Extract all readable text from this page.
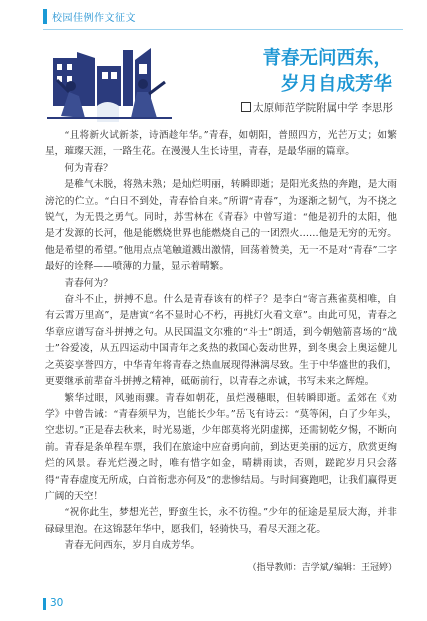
校园佳例作文征文
青春无问西东，
岁月自成芳华
太原师范学院附属中学 李思彤

“且将新火试新茶，诗酒趁年华。”青春，如朝阳，普照四方，光芒万丈；如繁星，璀璨天涯，一路生花。在漫漫人生长诗里，青春，是最华丽的篇章。

何为青春？

是稚气未脱，将熟未熟；是灿烂明丽，转瞬即逝；是阳光炙热的奔跑，是大雨滂沱的伫立。“白日不到处，青春恰自来。”所谓“青春”，为逐渐之韧气，为不挠之锐气，为无畏之勇气。同时，苏雪林在《青春》中曾写道：“他是初升的太阳，他是才发源的长河，他是能燃烧世界也能燃烧自己的一团烈火……他是无穷的无穷。他是希望的希望。”他用点点笔触道溅出激情，回荡着赞美，无一不是对“青春”二字最好的诠释——喷薄的力量，显示着晴繁。

青春何为？

奋斗不止，拼搏不息。什么是青春该有的样子？是李白“寄言燕雀莫相唯，自有云霄万里高”，是唐寅“名不显时心不朽，再挑灯火看文章”。由此可见，青春之华章应谱写奋斗拼搏之句。从民国温文尔雅的“斗士”朗适，到今朝勉箭喜场的“战士”谷爱凌，从五四运动中国青年之炙热的救国心轰动世界，到冬奥会上奥运健儿之英姿享誉四方，中华青年将青春之热血展现得淋漓尽致。生于中华盛世的我们，更要继承前辈奋斗拼搏之精神，砥砺前行，以青春之赤诚，书写未来之辉煌。

繁华过眼，风驰雨骤。青春如朝花，虽烂漫穗眼，但转瞬即逝。孟郊在《劝学》中曾告诫：“青春须早为，岂能长少年。”岳飞有诗云：“莫等闲，白了少年头，空悲切。”正是春去秋来，时光易逝，少年郎莫将光阴虚掷，还需韧乾夕惕，不断向前。青春是条单程车票，我们在旅途中应奋勇向前，到达更美丽的远方，欣赏更绚烂的风景。春光烂漫之时，唯有惜字如金，晴耕雨读，否则，蹉跎岁月只会落得“青春虚度无所成，白首衔悲亦何及”的悲惨结局。与时间赛跑吧，让我们赢得更广阔的天空！

“祝你此生，梦想光芒，野蛮生长，永不彷徨。”少年的征途是星辰大海，并非碌碌里泡。在这锦瑟年华中，愿我们，轻骑快马，看尽天涯之花。

青春无问西东，岁月自成芳华。

（指导教师：吉学斌/编辑：王冠婷）

30
